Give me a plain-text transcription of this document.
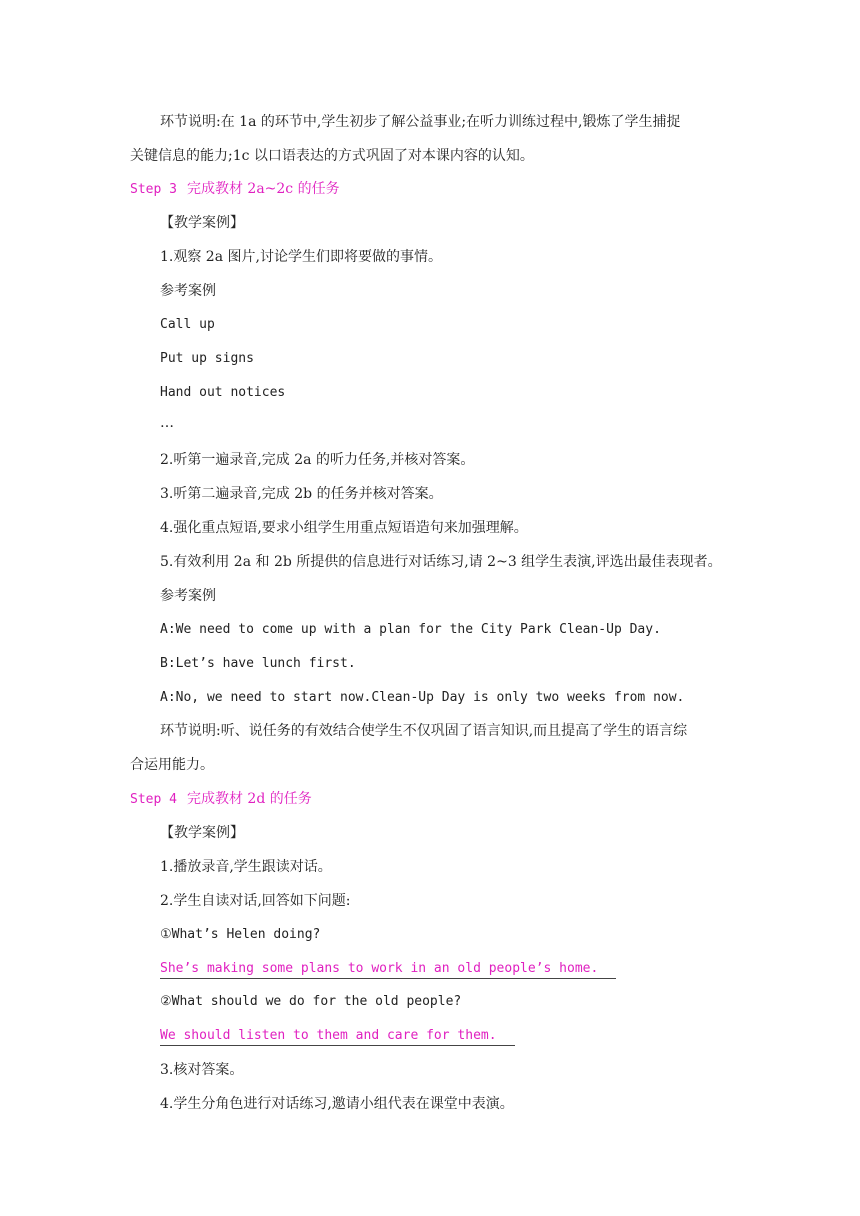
环节说明:在 1a 的环节中,学生初步了解公益事业;在听力训练过程中,锻炼了学生捕捉
关键信息的能力;1c 以口语表达的方式巩固了对本课内容的认知。
Step 3 完成教材 2a~2c 的任务
【教学案例】
1.观察 2a 图片,讨论学生们即将要做的事情。
参考案例
Call up
Put up signs
Hand out notices
…
2.听第一遍录音,完成 2a 的听力任务,并核对答案。
3.听第二遍录音,完成 2b 的任务并核对答案。
4.强化重点短语,要求小组学生用重点短语造句来加强理解。
5.有效利用 2a 和 2b 所提供的信息进行对话练习,请 2~3 组学生表演,评选出最佳表现者。
参考案例
A:We need to come up with a plan for the City Park Clean-Up Day.
B:Let’s have lunch first.
A:No, we need to start now.Clean-Up Day is only two weeks from now.
环节说明:听、说任务的有效结合使学生不仅巩固了语言知识,而且提高了学生的语言综
合运用能力。
Step 4 完成教材 2d 的任务
【教学案例】
1.播放录音,学生跟读对话。
2.学生自读对话,回答如下问题:
①What’s Helen doing?
She’s making some plans to work in an old people’s home.
②What should we do for the old people?
We should listen to them and care for them.
3.核对答案。
4.学生分角色进行对话练习,邀请小组代表在课堂中表演。
